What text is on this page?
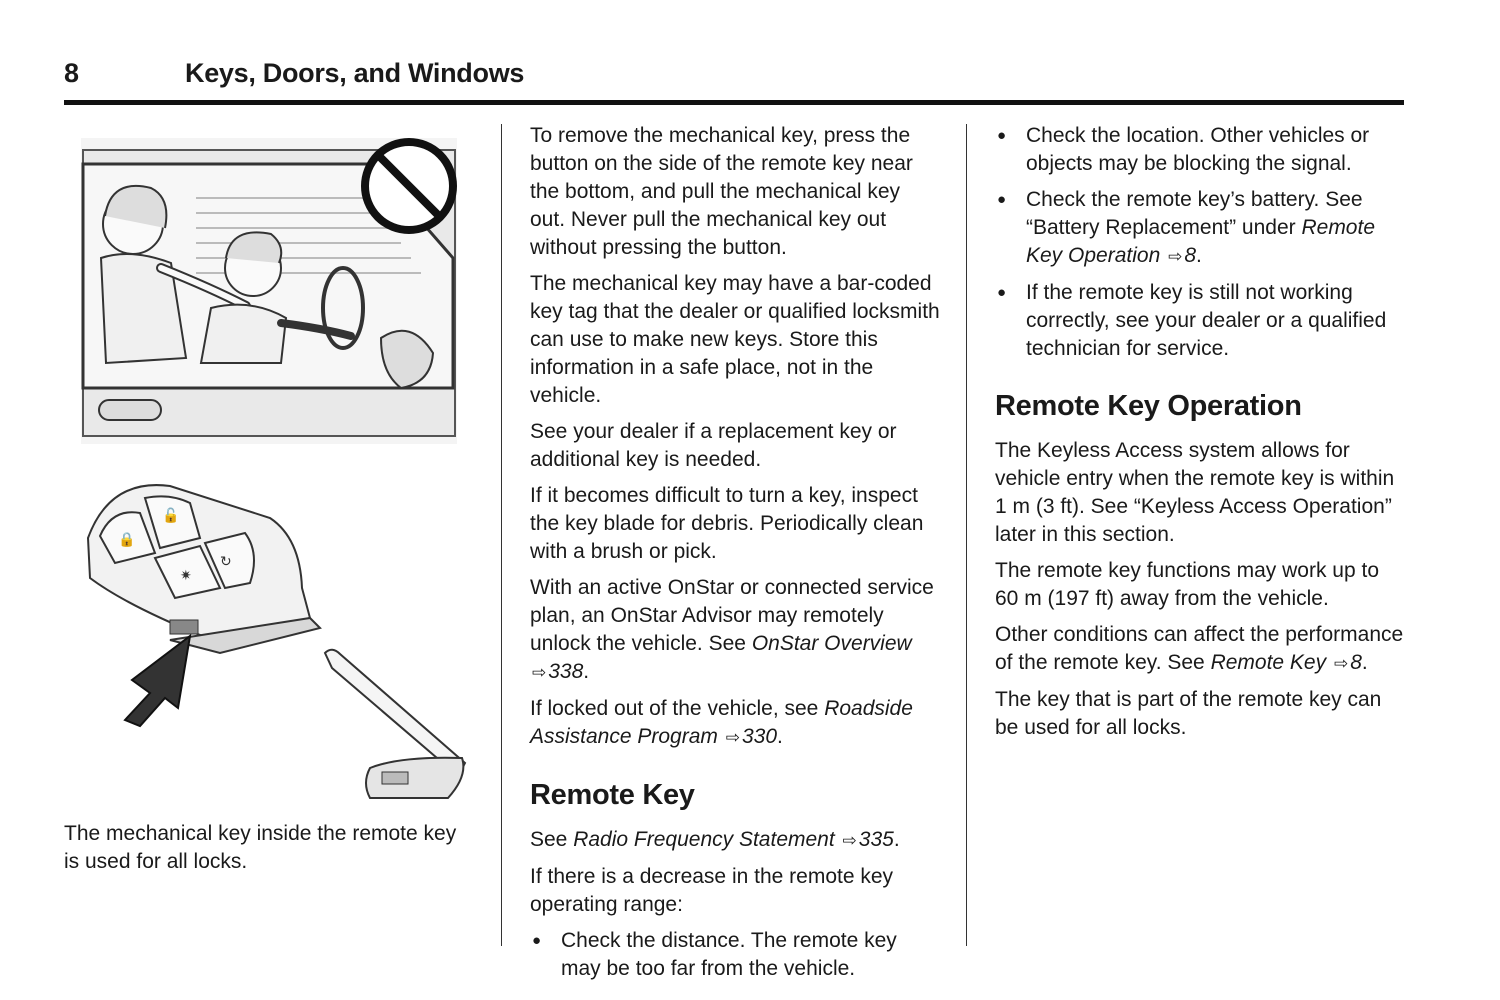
8	Keys, Doors, and Windows
🔒
🔓
✷
↻
The mechanical key inside the remote key is used for all locks.

To remove the mechanical key, press the button on the side of the remote key near the bottom, and pull the mechanical key out. Never pull the mechanical key out without pressing the button.

The mechanical key may have a bar-coded key tag that the dealer or qualified locksmith can use to make new keys. Store this information in a safe place, not in the vehicle.

See your dealer if a replacement key or additional key is needed.

If it becomes difficult to turn a key, inspect the key blade for debris. Periodically clean with a brush or pick.

With an active OnStar or connected service plan, an OnStar Advisor may remotely unlock the vehicle. See OnStar Overview ⇨338.

If locked out of the vehicle, see Roadside Assistance Program ⇨330.

Remote Key

See Radio Frequency Statement ⇨335.

If there is a decrease in the remote key operating range:

● Check the distance. The remote key may be too far from the vehicle.
● Check the location. Other vehicles or objects may be blocking the signal.
● Check the remote key’s battery. See “Battery Replacement” under Remote Key Operation ⇨8.
● If the remote key is still not working correctly, see your dealer or a qualified technician for service.
Remote Key Operation

The Keyless Access system allows for vehicle entry when the remote key is within 1 m (3 ft). See “Keyless Access Operation” later in this section.

The remote key functions may work up to 60 m (197 ft) away from the vehicle.

Other conditions can affect the performance of the remote key. See Remote Key ⇨8.

The key that is part of the remote key can be used for all locks.
